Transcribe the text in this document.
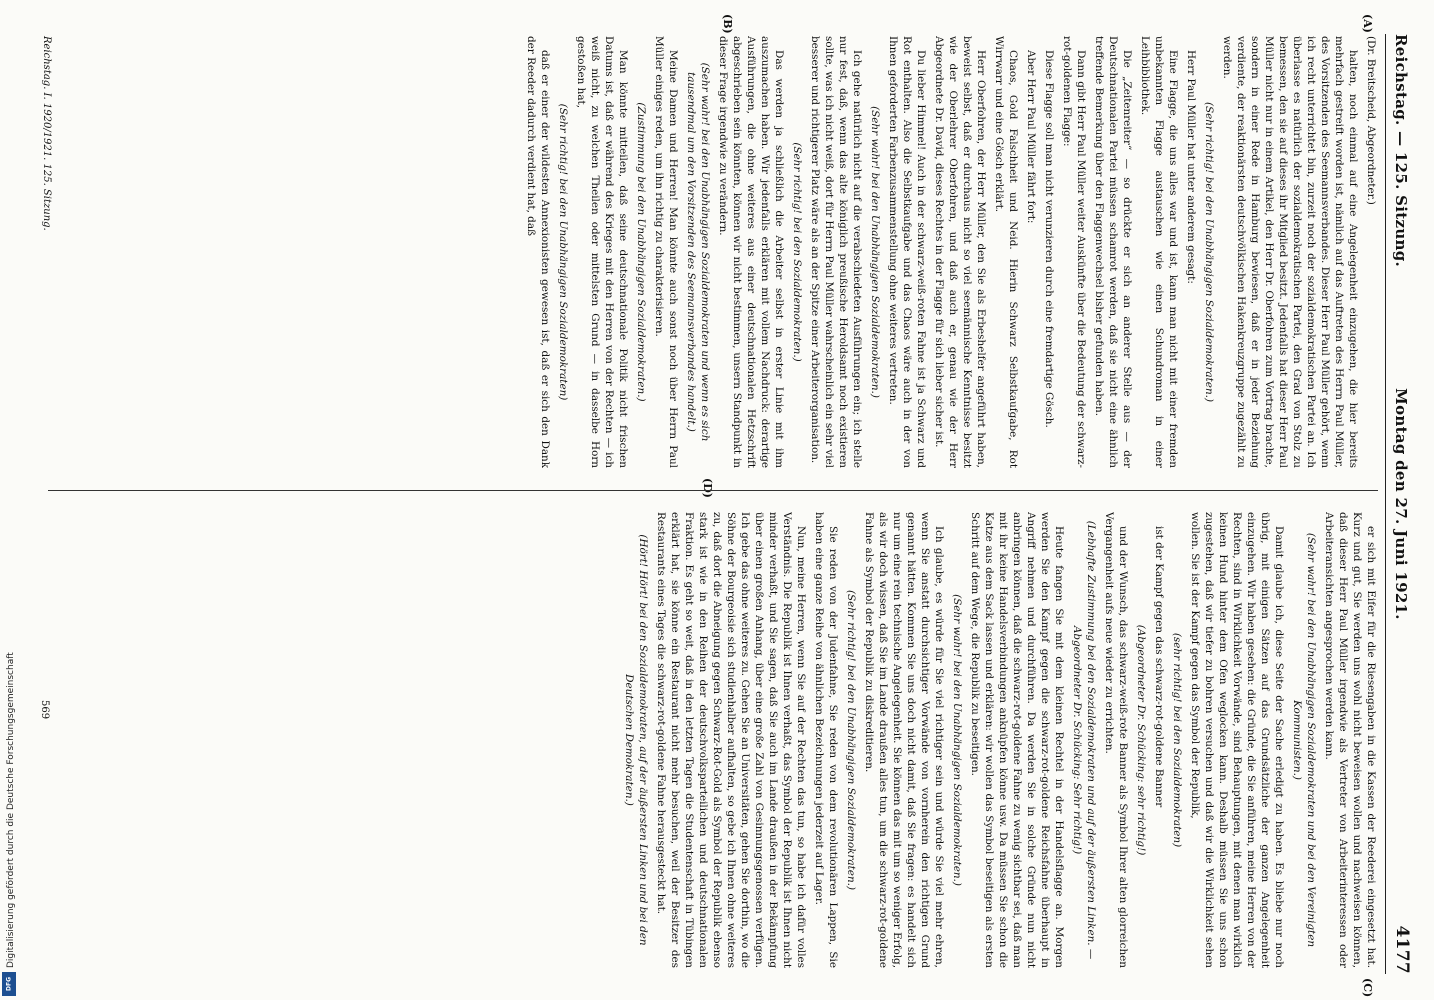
Reichstag. — 125. Sitzung.
Montag den 27. Juni 1921.
4177
(A)
(B)
(C)
(D)

(Dr. Breitscheid, Abgeordneter.)

halten, noch einmal auf eine Angelegenheit einzugehen, die hier bereits mehrfach gestreift worden ist, nämlich auf das Auftreten des Herrn Paul Müller, des Vorsitzenden des Seemannsverbandes. Dieser Herr Paul Müller gehört, wenn ich recht unterrichtet bin, zurzeit noch der sozialdemokratischen Partei an. Ich überlasse es natürlich der sozialdemokratischen Partei, den Grad von Stolz zu bemessen, den sie auf dieses ihr Mitglied besitzt. Jedenfalls hat dieser Herr Paul Müller nicht nur in einem Artikel, den Herr Dr. Oberfohren zum Vortrag brachte, sondern in einer Rede in Hamburg bewiesen, daß er in jeder Beziehung verdiente, der reaktionärsten deutschvölkischen Hakenkreuzgruppe zugezählt zu werden.

(Sehr richtig! bei den Unabhängigen Sozialdemokraten.)

Herr Paul Müller hat unter anderem gesagt:

Eine Flagge, die uns alles war und ist, kann man nicht mit einer fremden unbekannten Flagge austauschen wie einen Schundroman in einer Leihbibliothek.

Die „Zeitenreiter“ — so drückte er sich an anderer Stelle aus — der Deutschnationalen Partei müssen schamrot werden, daß sie nicht eine ähnlich treffende Bemerkung über den Flaggenwechsel bisher gefunden haben.

Dann gibt Herr Paul Müller weiter Auskünfte über die Bedeutung der schwarz-rot-goldenen Flagge:

Diese Flagge soll man nicht verunzieren durch eine fremdartige Gösch.

Aber Herr Paul Müller fährt fort:

Chaos, Gold Falschheit und Neid. Hierin Schwarz Selbstkaufgabe, Rot Wirrwarr und eine Gösch erklärt.

Herr Oberfohren, der Herr Müller, den Sie als Erbeshelfer angeführt haben, beweist selbst, daß er durchaus nicht so viel seemännische Kenntnisse besitzt wie der Oberlehrer Oberfohren, und daß auch er, genau wie der Herr Abgeordnete Dr. David, dieses Rechtes in der Flagge für sich lieber sicher ist.

Du lieber Himmel! Auch in der schwarz-weiß-roten Fahne ist ja Schwarz und Rot enthalten. Also die Selbstkaufgabe und das Chaos wäre auch in der von Ihnen geforderten Farbenzusammenstellung ohne weiteres vertreten.

(Sehr wahr! bei den Unabhängigen Sozialdemokraten.)

Ich gehe natürlich nicht auf die verabschiedeten Ausführungen ein; ich stelle nur fest, daß, wenn das alte königlich preußische Heroldsamt noch existieren sollte, was ich nicht weiß, dort für Herrn Paul Müller wahrscheinlich ein sehr viel besserer und richtigerer Platz wäre als an der Spitze einer Arbeiterorganisation.

(Sehr richtig! bei den Sozialdemokraten.)

Das werden ja schließlich die Arbeiter selbst in erster Linie mit ihm auszumachen haben. Wir jedenfalls erklären mit vollem Nachdruck: derartige Ausführungen, die ohne weiteres aus einer deutschnationalen Hetzschrift abgeschrieben sein könnten, können wir nicht bestimmen, unsern Standpunkt in dieser Frage irgendwie zu verändern.

(Sehr wahr! bei den Unabhängigen Sozialdemokraten und wenn es sich tausendmal um den Vorsitzenden des Seemannsverbandes handelt.)

Meine Damen und Herren! Man könnte auch sonst noch über Herrn Paul Müller einiges reden, um ihn richtig zu charakterisieren.

(Zustimmung bei den Unabhängigen Sozialdemokraten.)

Man könnte mitteilen, daß seine deutschnationale Politik nicht frischen Datums ist, daß er während des Krieges mit den Herren von der Rechten — ich weiß nicht, zu welchen Theilen oder mittelsten Grund — in dasselbe Horn gestoßen hat,

(Sehr richtig! bei den Unabhängigen Sozialdemokraten)

daß er einer der wildesten Annexionisten gewesen ist, daß er sich den Dank der Reeder dadurch verdient hat, daß

er sich mit Eifer für die Riesengaben in die Kassen der Reederei eingesetzt hat. Kurz und gut, Sie werden uns wohl nicht beweisen wollen und nachweisen können, daß dieser Herr Paul Müller irgendwie als Vertreter von Arbeiterinteressen oder Arbeiteransichten angesprochen werden kann.

(Sehr wahr! bei den Unabhängigen Sozialdemokraten und bei den Vereinigten Kommunisten.)

Damit glaube ich, diese Seite der Sache erledigt zu haben. Es bliebe nur noch übrig, mit einigen Sätzen auf das Grundsätzliche der ganzen Angelegenheit einzugehen. Wir haben gesehen: die Gründe, die Sie anführen, meine Herren von der Rechten, sind in Wirklichkeit Vorwände, sind Behauptungen, mit denen man wirklich keinen Hund hinter dem Ofen weglocken kann. Deshalb müssen Sie uns schon zugestehen, daß wir tiefer zu bohren versuchen und daß wir die Wirklichkeit sehen wollen. Sie ist der Kampf gegen das Symbol der Republik,

(sehr richtig! bei den Sozialdemokraten)

ist der Kampf gegen das schwarz-rot-goldene Banner

(Abgeordneter Dr. Schücking: sehr richtig!)

und der Wunsch, das schwarz-weiß-rote Banner als Symbol Ihrer alten glorreichen Vergangenheit aufs neue wieder zu errichten.

(Lebhafte Zustimmung bei den Sozialdemokraten und auf der äußersten Linken. — Abgeordneter Dr. Schücking: Sehr richtig!)

Heute fangen Sie mit dem kleinen Rechtel in der Handelsflagge an. Morgen werden Sie den Kampf gegen die schwarz-rot-goldene Reichsfahne überhaupt in Angriff nehmen und durchführen. Da werden Sie in solche Gründe nun nicht anbringen können, daß die schwarz-rot-goldene Fahne zu wenig sichtbar sei, daß man mit ihr keine Handelsverbindungen anknüpfen könne usw. Da müssen Sie schon die Katze aus dem Sack lassen und erklären: wir wollen das Symbol beseitigen als ersten Schritt auf dem Wege, die Republik zu beseitigen.

(Sehr wahr! bei den Unabhängigen Sozialdemokraten.)

Ich glaube, es würde für Sie viel richtiger sein und würde Sie viel mehr ehren, wenn Sie anstatt durchsichtiger Vorwände von vornherein den richtigen Grund genannt hätten. Kommen Sie uns doch nicht damit, daß Sie fragen: es handelt sich nur um eine rein technische Angelegenheit. Sie können das mit um so weniger Erfolg, als wir doch wissen, daß Sie im Lande draußen alles tun, um die schwarz-rot-goldene Fahne als Symbol der Republik zu diskreditieren.

(Sehr richtig! bei den Unabhängigen Sozialdemokraten.)

Sie reden von der Judenfahne, Sie reden von dem revolutionären Lappen, Sie haben eine ganze Reihe von ähnlichen Bezeichnungen jederzeit auf Lager.

Nun, meine Herren, wenn Sie auf der Rechten das tun, so habe ich dafür volles Verständnis. Die Republik ist Ihnen verhaßt, das Symbol der Republik ist Ihnen nicht minder verhaßt, und Sie sagen, daß Sie auch im Lande draußen in der Bekämpfung über einen großen Anhang, über eine große Zahl von Gesinnungsgenossen verfügen. Ich gebe das ohne weiteres zu. Gehen Sie an Universitäten, gehen Sie dorthin, wo die Söhne der Bourgeoisie sich studienhalber aufhalten, so gebe ich Ihnen ohne weiteres zu, daß dort die Abneigung gegen Schwarz-Rot-Gold als Symbol der Republik ebenso stark ist wie in den Reihen der deutschvolksparteilichen und deutschnationalen Fraktion. Es geht so weit, daß in den letzten Tagen die Studentenschaft in Tübingen erklärt hat, sie könne ein Restaurant nicht mehr besuchen, weil der Besitzer des Restaurants eines Tages die schwarz-rot-goldene Fahne herausgesteckt hat.

(Hört! Hört! bei den Sozialdemokraten, auf der äußersten Linken und bei den Deutschen Demokraten.)

Reichstag. I. 1920/1921. 125. Sitzung.
569
Digitalisierung gefördert durch die Deutsche Forschungsgemeinschaft
DFG
